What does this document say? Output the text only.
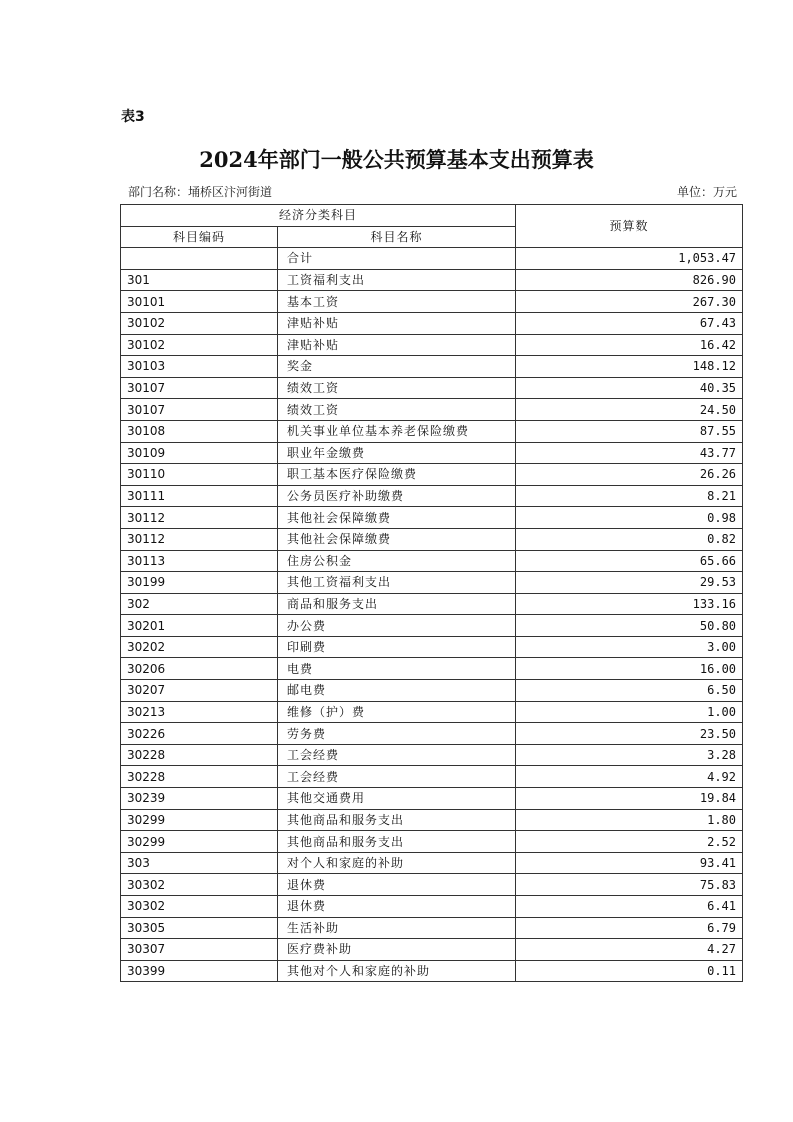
表3
2024年部门一般公共预算基本支出预算表
部门名称：埇桥区汴河街道	单位：万元
经济分类科目		预算数
科目编码	科目名称	
	合计	1,053.47
301	工资福利支出	826.90
30101	基本工资	267.30
30102	津贴补贴	67.43
30102	津贴补贴	16.42
30103	奖金	148.12
30107	绩效工资	40.35
30107	绩效工资	24.50
30108	机关事业单位基本养老保险缴费	87.55
30109	职业年金缴费	43.77
30110	职工基本医疗保险缴费	26.26
30111	公务员医疗补助缴费	8.21
30112	其他社会保障缴费	0.98
30112	其他社会保障缴费	0.82
30113	住房公积金	65.66
30199	其他工资福利支出	29.53
302	商品和服务支出	133.16
30201	办公费	50.80
30202	印刷费	3.00
30206	电费	16.00
30207	邮电费	6.50
30213	维修（护）费	1.00
30226	劳务费	23.50
30228	工会经费	3.28
30228	工会经费	4.92
30239	其他交通费用	19.84
30299	其他商品和服务支出	1.80
30299	其他商品和服务支出	2.52
303	对个人和家庭的补助	93.41
30302	退休费	75.83
30302	退休费	6.41
30305	生活补助	6.79
30307	医疗费补助	4.27
30399	其他对个人和家庭的补助	0.11
